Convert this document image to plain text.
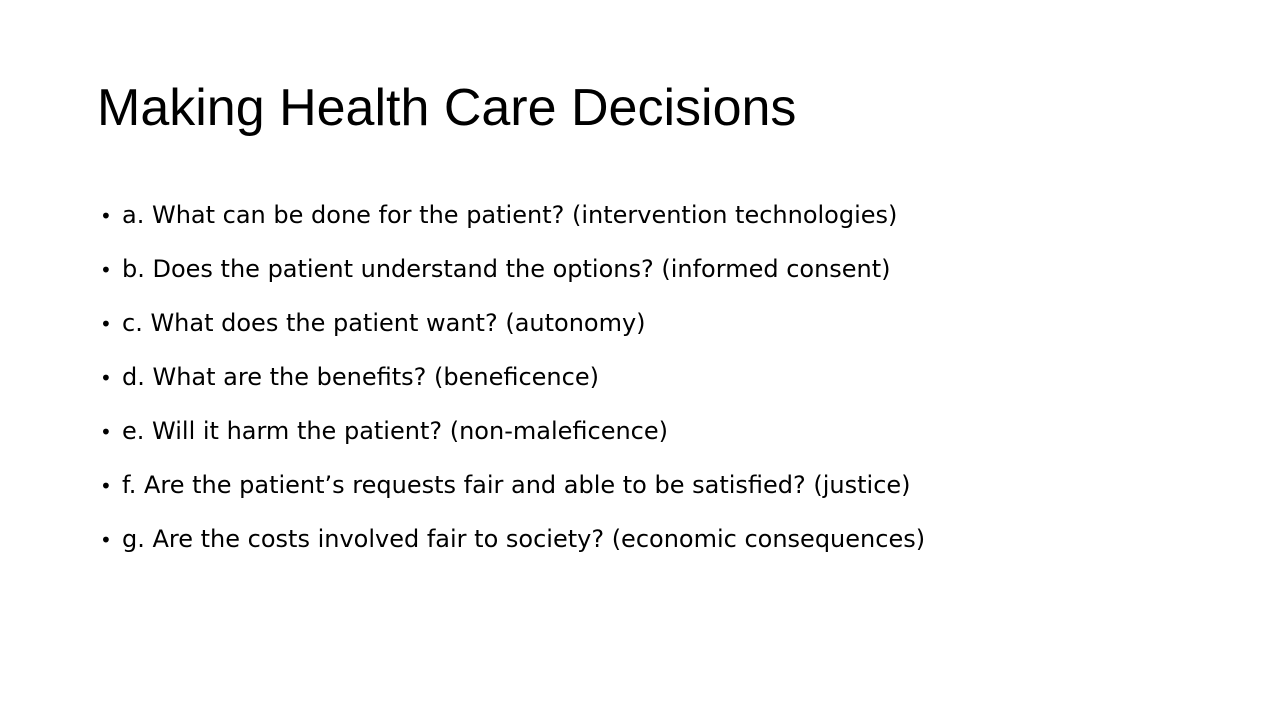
Making Health Care Decisions
• a. What can be done for the patient? (intervention technologies)
• b. Does the patient understand the options? (informed consent)
• c. What does the patient want? (autonomy)
• d. What are the benefits? (beneficence)
• e. Will it harm the patient? (non-maleficence)
• f. Are the patient’s requests fair and able to be satisfied? (justice)
• g. Are the costs involved fair to society? (economic consequences)
